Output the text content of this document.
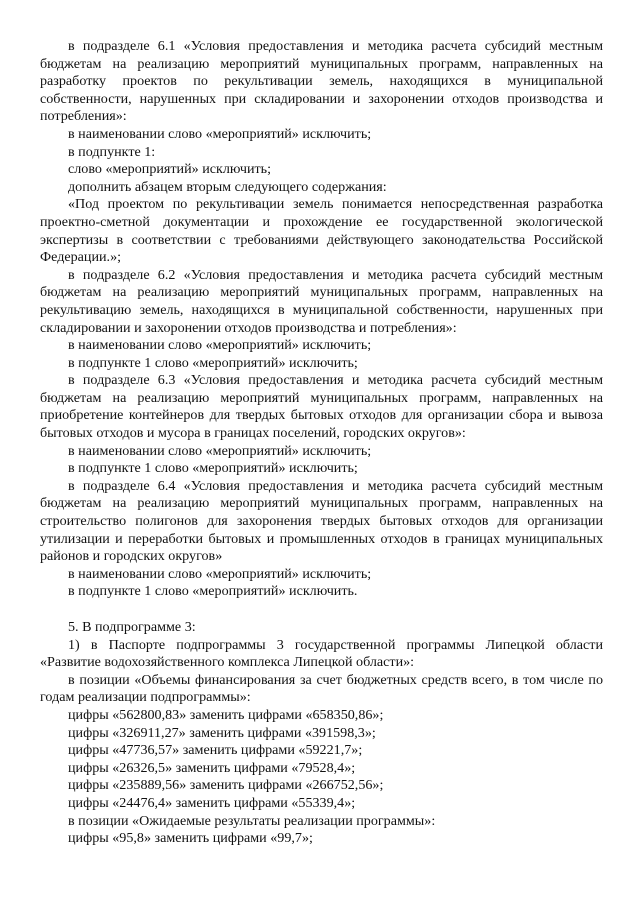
в подразделе 6.1 «Условия предоставления и методика расчета субсидий местным бюджетам на реализацию мероприятий муниципальных программ, направленных на разработку проектов по рекультивации земель, находящихся в муниципальной собственности, нарушенных при складировании и захоронении отходов производства и потребления»:

в наименовании слово «мероприятий» исключить;

в подпункте 1:

слово «мероприятий» исключить;

дополнить абзацем вторым следующего содержания:

«Под проектом по рекультивации земель понимается непосредственная разработка проектно-сметной документации и прохождение ее государственной экологической экспертизы в соответствии с требованиями действующего законодательства Российской Федерации.»;

в подразделе 6.2 «Условия предоставления и методика расчета субсидий местным бюджетам на реализацию мероприятий муниципальных программ, направленных на рекультивацию земель, находящихся в муниципальной собственности, нарушенных при складировании и захоронении отходов производства и потребления»:

в наименовании слово «мероприятий» исключить;

в подпункте 1 слово «мероприятий» исключить;

в подразделе 6.3 «Условия предоставления и методика расчета субсидий местным бюджетам на реализацию мероприятий муниципальных программ, направленных на приобретение контейнеров для твердых бытовых отходов для организации сбора и вывоза бытовых отходов и мусора в границах поселений, городских округов»:

в наименовании слово «мероприятий» исключить;

в подпункте 1 слово «мероприятий» исключить;

в подразделе 6.4 «Условия предоставления и методика расчета субсидий местным бюджетам на реализацию мероприятий муниципальных программ, направленных на строительство полигонов для захоронения твердых бытовых отходов для организации утилизации и переработки бытовых и промышленных отходов в границах муниципальных районов и городских округов»

в наименовании слово «мероприятий» исключить;

в подпункте 1 слово «мероприятий» исключить.

5. В подпрограмме 3:

1) в Паспорте подпрограммы 3 государственной программы Липецкой области «Развитие водохозяйственного комплекса Липецкой области»:

в позиции «Объемы финансирования за счет бюджетных средств всего, в том числе по годам реализации подпрограммы»:

цифры «562800,83» заменить цифрами «658350,86»;

цифры «326911,27» заменить цифрами «391598,3»;

цифры «47736,57» заменить цифрами «59221,7»;

цифры «26326,5» заменить цифрами «79528,4»;

цифры «235889,56» заменить цифрами «266752,56»;

цифры «24476,4» заменить цифрами «55339,4»;

в позиции «Ожидаемые результаты реализации программы»:

цифры «95,8» заменить цифрами «99,7»;
